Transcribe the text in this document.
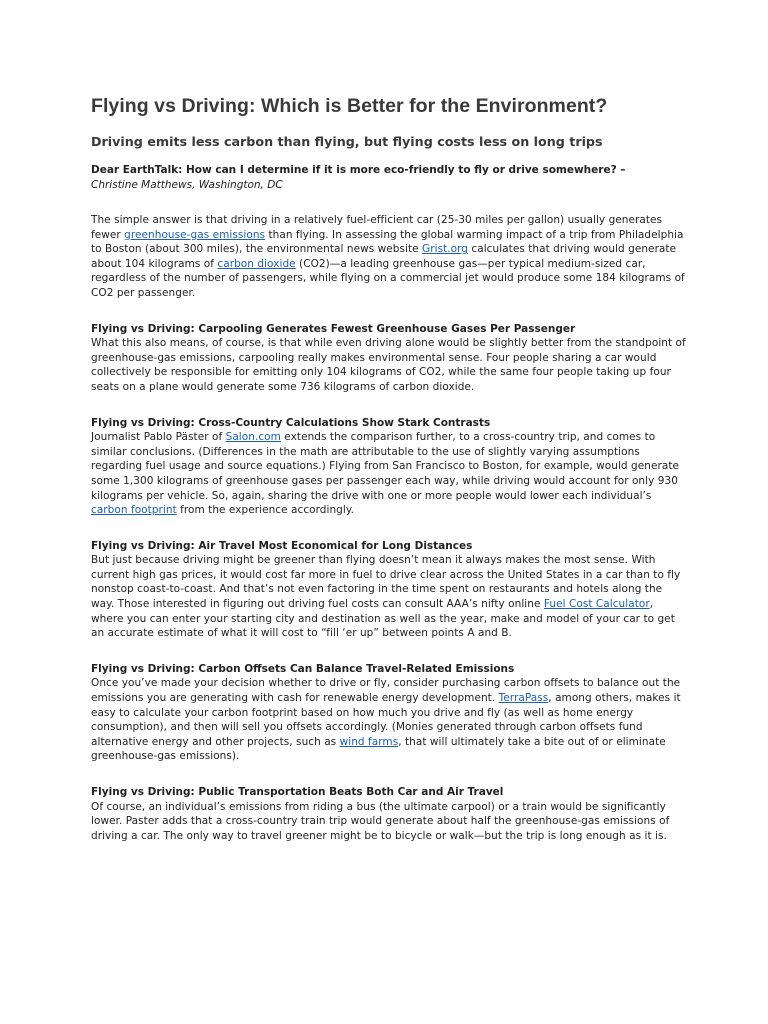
Flying vs Driving: Which is Better for the Environment?
Driving emits less carbon than flying, but flying costs less on long trips
Dear EarthTalk: How can I determine if it is more eco-friendly to fly or drive somewhere? –
Christine Matthews, Washington, DC

The simple answer is that driving in a relatively fuel-efficient car (25-30 miles per gallon) usually generates fewer greenhouse-gas emissions than flying. In assessing the global warming impact of a trip from Philadelphia to Boston (about 300 miles), the environmental news website Grist.org calculates that driving would generate about 104 kilograms of carbon dioxide (CO2)—a leading greenhouse gas—per typical medium-sized car, regardless of the number of passengers, while flying on a commercial jet would produce some 184 kilograms of CO2 per passenger.

Flying vs Driving: Carpooling Generates Fewest Greenhouse Gases Per Passenger

What this also means, of course, is that while even driving alone would be slightly better from the standpoint of greenhouse-gas emissions, carpooling really makes environmental sense. Four people sharing a car would collectively be responsible for emitting only 104 kilograms of CO2, while the same four people taking up four seats on a plane would generate some 736 kilograms of carbon dioxide.

Flying vs Driving: Cross-Country Calculations Show Stark Contrasts

Journalist Pablo Päster of Salon.com extends the comparison further, to a cross-country trip, and comes to similar conclusions. (Differences in the math are attributable to the use of slightly varying assumptions regarding fuel usage and source equations.) Flying from San Francisco to Boston, for example, would generate some 1,300 kilograms of greenhouse gases per passenger each way, while driving would account for only 930 kilograms per vehicle. So, again, sharing the drive with one or more people would lower each individual’s carbon footprint from the experience accordingly.

Flying vs Driving: Air Travel Most Economical for Long Distances

But just because driving might be greener than flying doesn’t mean it always makes the most sense. With current high gas prices, it would cost far more in fuel to drive clear across the United States in a car than to fly nonstop coast-to-coast. And that’s not even factoring in the time spent on restaurants and hotels along the way. Those interested in figuring out driving fuel costs can consult AAA’s nifty online Fuel Cost Calculator, where you can enter your starting city and destination as well as the year, make and model of your car to get an accurate estimate of what it will cost to “fill ‘er up” between points A and B.

Flying vs Driving: Carbon Offsets Can Balance Travel-Related Emissions

Once you’ve made your decision whether to drive or fly, consider purchasing carbon offsets to balance out the emissions you are generating with cash for renewable energy development. TerraPass, among others, makes it easy to calculate your carbon footprint based on how much you drive and fly (as well as home energy consumption), and then will sell you offsets accordingly. (Monies generated through carbon offsets fund alternative energy and other projects, such as wind farms, that will ultimately take a bite out of or eliminate greenhouse-gas emissions).

Flying vs Driving: Public Transportation Beats Both Car and Air Travel

Of course, an individual’s emissions from riding a bus (the ultimate carpool) or a train would be significantly lower. Paster adds that a cross-country train trip would generate about half the greenhouse-gas emissions of driving a car. The only way to travel greener might be to bicycle or walk—but the trip is long enough as it is.
